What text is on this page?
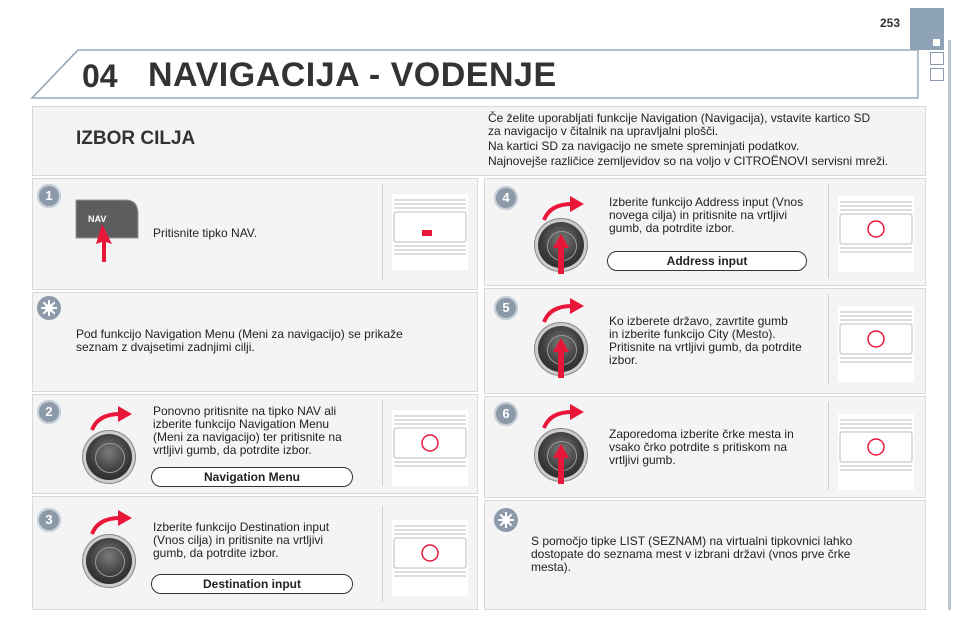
253
04 NAVIGACIJA - VODENJE
IZBOR CILJA
Če želite uporabljati funkcije Navigation (Navigacija), vstavite kartico SD
za navigacijo v čitalnik na upravljalni plošči.
Na kartici SD za navigacijo ne smete spreminjati podatkov.
Najnovejše različice zemljevidov so na voljo v CITROËNOVI servisni mreži.
1
NAV
Pritisnite tipko NAV.
Pod funkcijo Navigation Menu (Meni za navigacijo) se prikaže
seznam z dvajsetimi zadnjimi cilji.
2	Ponovno pritisnite na tipko NAV ali
izberite funkcijo Navigation Menu
(Meni za navigacijo) ter pritisnite na
vrtljivi gumb, da potrdite izbor.
Navigation Menu
3	Izberite funkcijo Destination input
(Vnos cilja) in pritisnite na vrtljivi
gumb, da potrdite izbor.
Destination input
4	Izberite funkcijo Address input (Vnos
novega cilja) in pritisnite na vrtljivi
gumb, da potrdite izbor.
Address input
5
Ko izberete državo, zavrtite gumb
in izberite funkcijo City (Mesto).
Pritisnite na vrtljivi gumb, da potrdite
izbor.
6
Zaporedoma izberite črke mesta in
vsako črko potrdite s pritiskom na
vrtljivi gumb.
S pomočjo tipke LIST (SEZNAM) na virtualni tipkovnici lahko
dostopate do seznama mest v izbrani državi (vnos prve črke
mesta).
